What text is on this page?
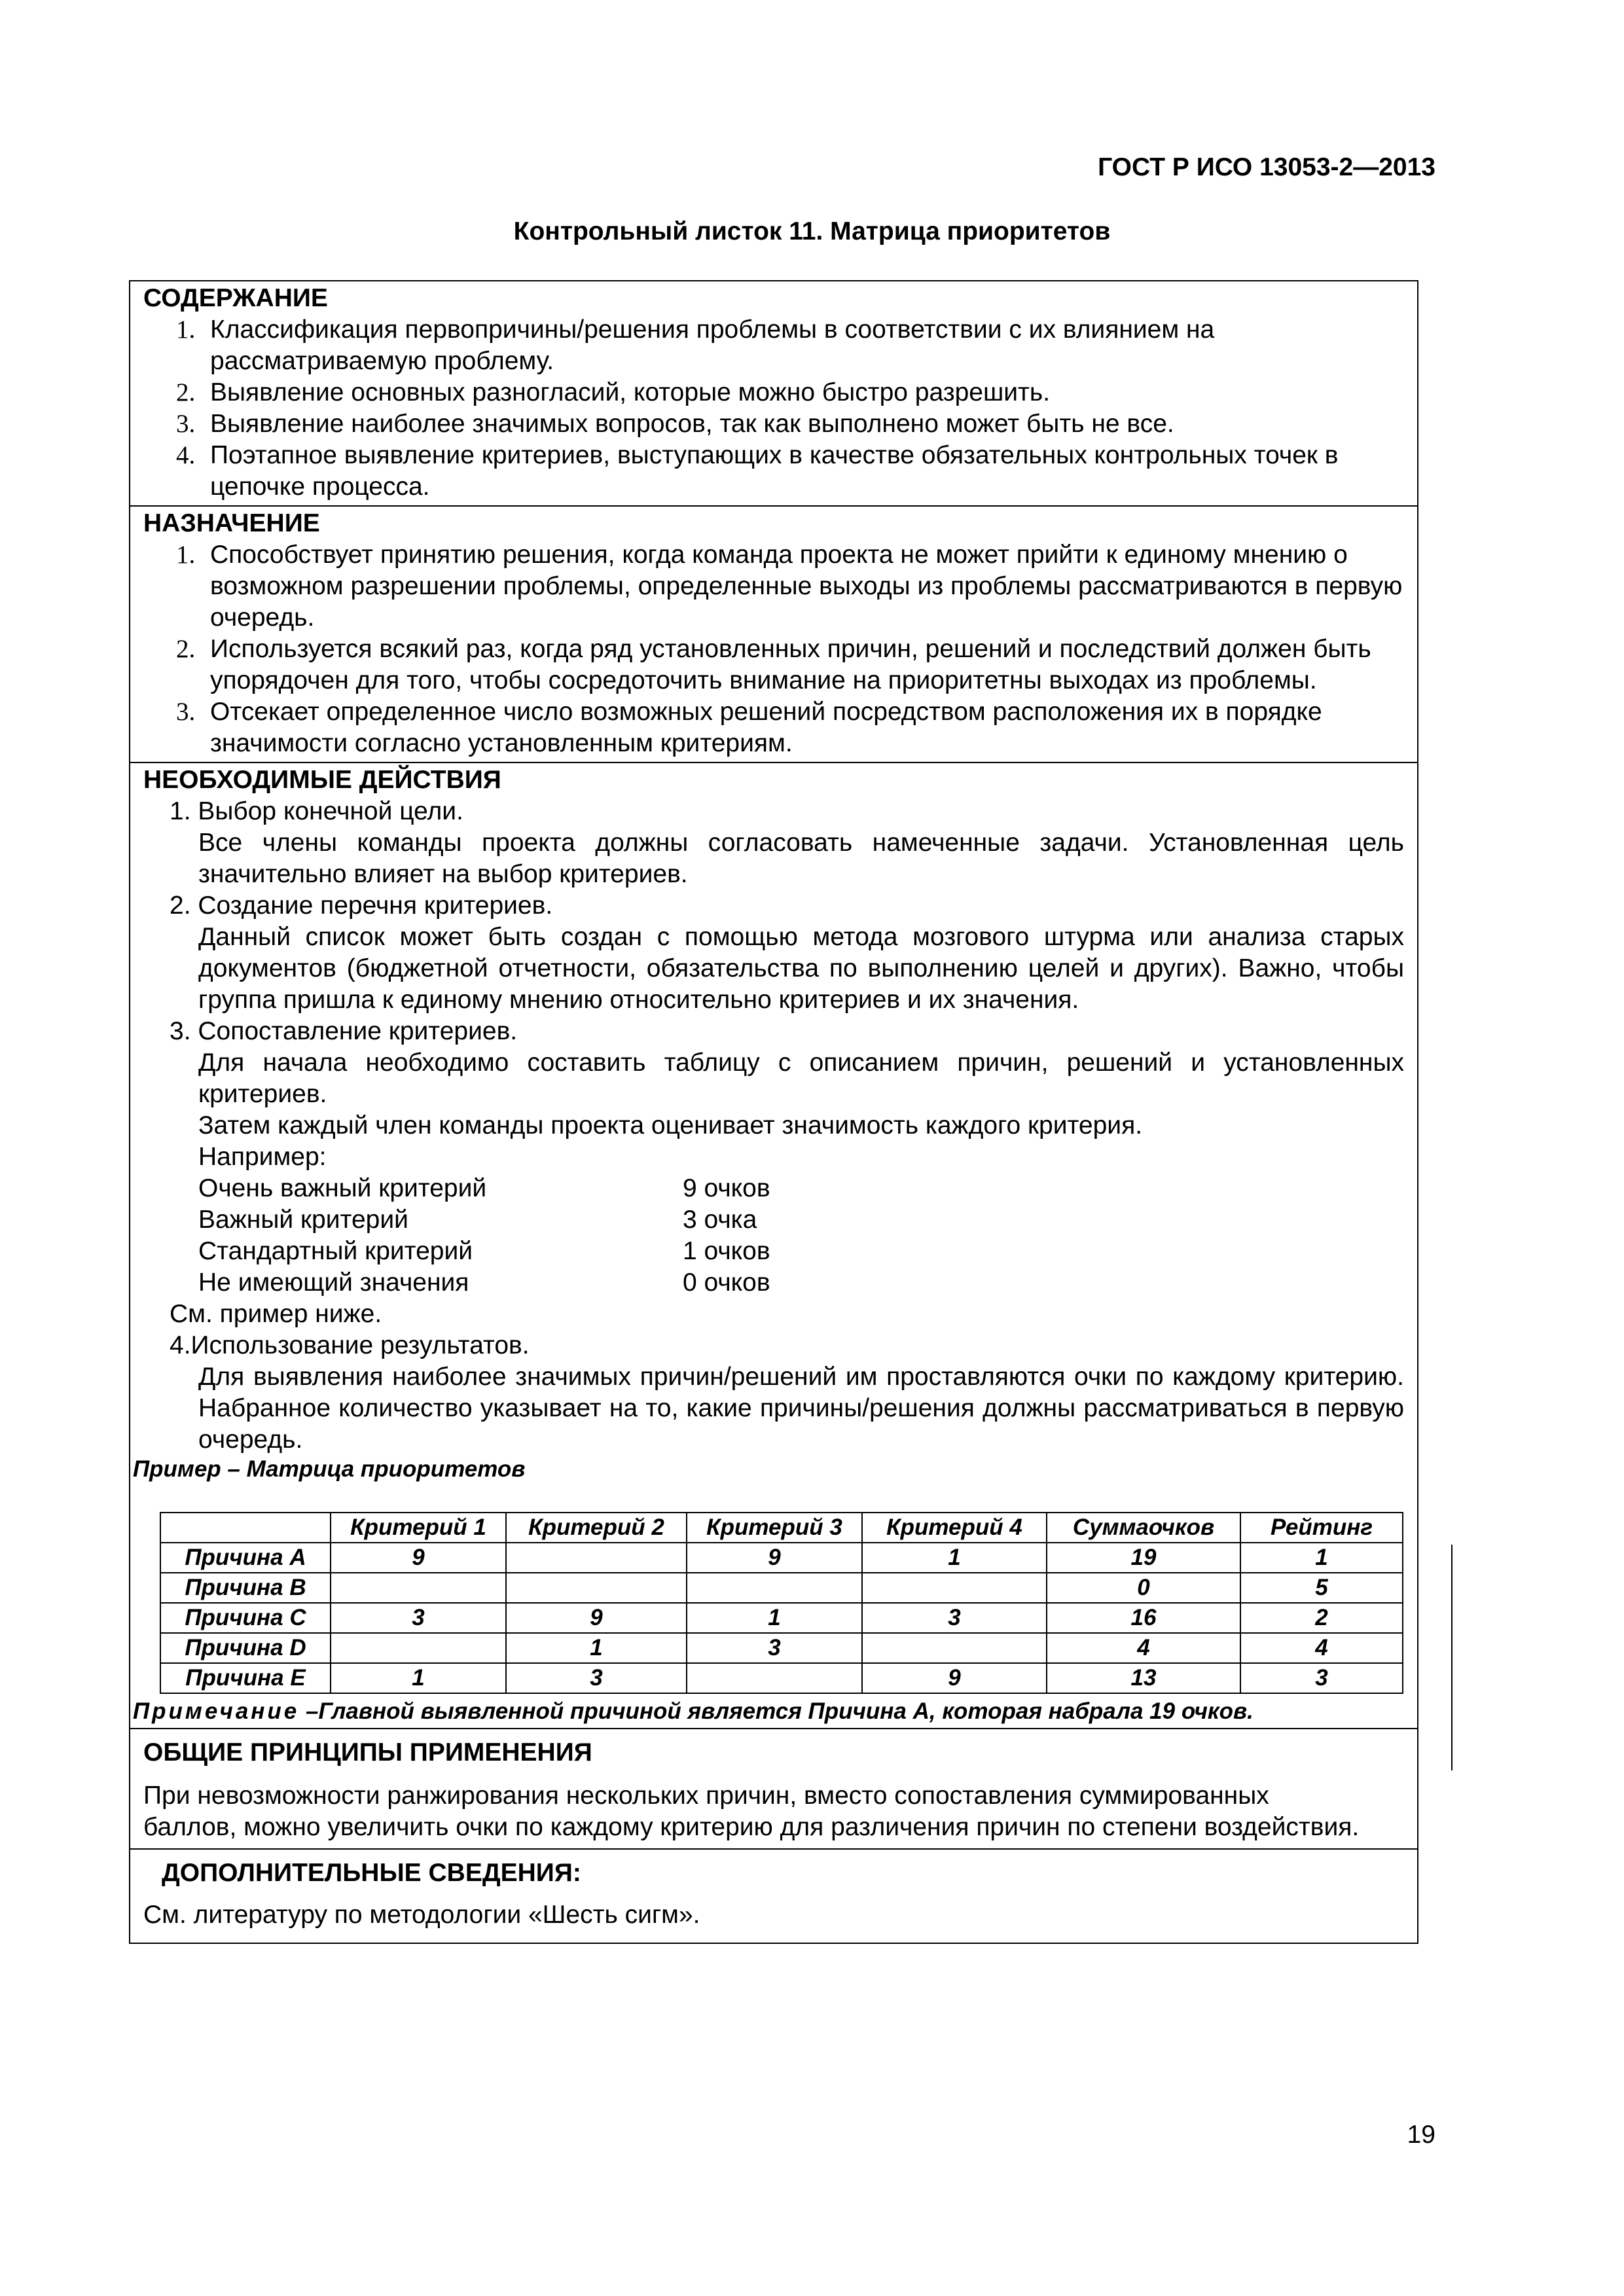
ГОСТ Р ИСО 13053-2—2013
Контрольный листок 11. Матрица приоритетов

СОДЕРЖАНИЕ

1. Классификация первопричины/решения проблемы в соответствии с их влиянием на рассматриваемую проблему.
2. Выявление основных разногласий, которые можно быстро разрешить.
3. Выявление наиболее значимых вопросов, так как выполнено может быть не все.
4. Поэтапное выявление критериев, выступающих в качестве обязательных контрольных точек в цепочке процесса.

НАЗНАЧЕНИЕ

1. Способствует принятию решения, когда команда проекта не может прийти к единому мнению о возможном разрешении проблемы, определенные выходы из проблемы рассматриваются в первую очередь.
2. Используется всякий раз, когда ряд установленных причин, решений и последствий должен быть упорядочен для того, чтобы сосредоточить внимание на приоритетны выходах из проблемы.
3. Отсекает определенное число возможных решений посредством расположения их в порядке значимости согласно установленным критериям.

НЕОБХОДИМЫЕ ДЕЙСТВИЯ

1. Выбор конечной цели.
Все члены команды проекта должны согласовать намеченные задачи. Установленная цель значительно влияет на выбор критериев.
2. Создание перечня критериев.
Данный список может быть создан с помощью метода мозгового штурма или анализа старых документов (бюджетной отчетности, обязательства по выполнению целей и других). Важно, чтобы группа пришла к единому мнению относительно критериев и их значения.
3. Сопоставление критериев.
Для начала необходимо составить таблицу с описанием причин, решений и установленных критериев.
Затем каждый член команды проекта оценивает значимость каждого критерия.
Например:
Очень важный критерий	9 очков
Важный критерий	3 очка
Стандартный критерий	1 очков
Не имеющий значения	0 очков
См. пример ниже.
4.Использование результатов.
Для выявления наиболее значимых причин/решений им проставляются очки по каждому критерию. Набранное количество указывает на то, какие причины/решения должны рассматриваться в первую очередь.
Пример – Матрица приоритетов
	Критерий 1	Критерий 2	Критерий 3	Критерий 4	Суммаочков	Рейтинг
Причина А	9		9	1	19	1
Причина В					0	5
Причина С	3	9	1	3	16	2
Причина D		1	3		4	4
Причина Е	1	3		9	13	3
Примечание –Главной выявленной причиной является Причина А, которая набрала 19 очков.

ОБЩИЕ ПРИНЦИПЫ ПРИМЕНЕНИЯ

При невозможности ранжирования нескольких причин, вместо сопоставления суммированных баллов, можно увеличить очки по каждому критерию для различения причин по степени воздействия.

ДОПОЛНИТЕЛЬНЫЕ СВЕДЕНИЯ:

См. литературу по методологии «Шесть сигм».
19
